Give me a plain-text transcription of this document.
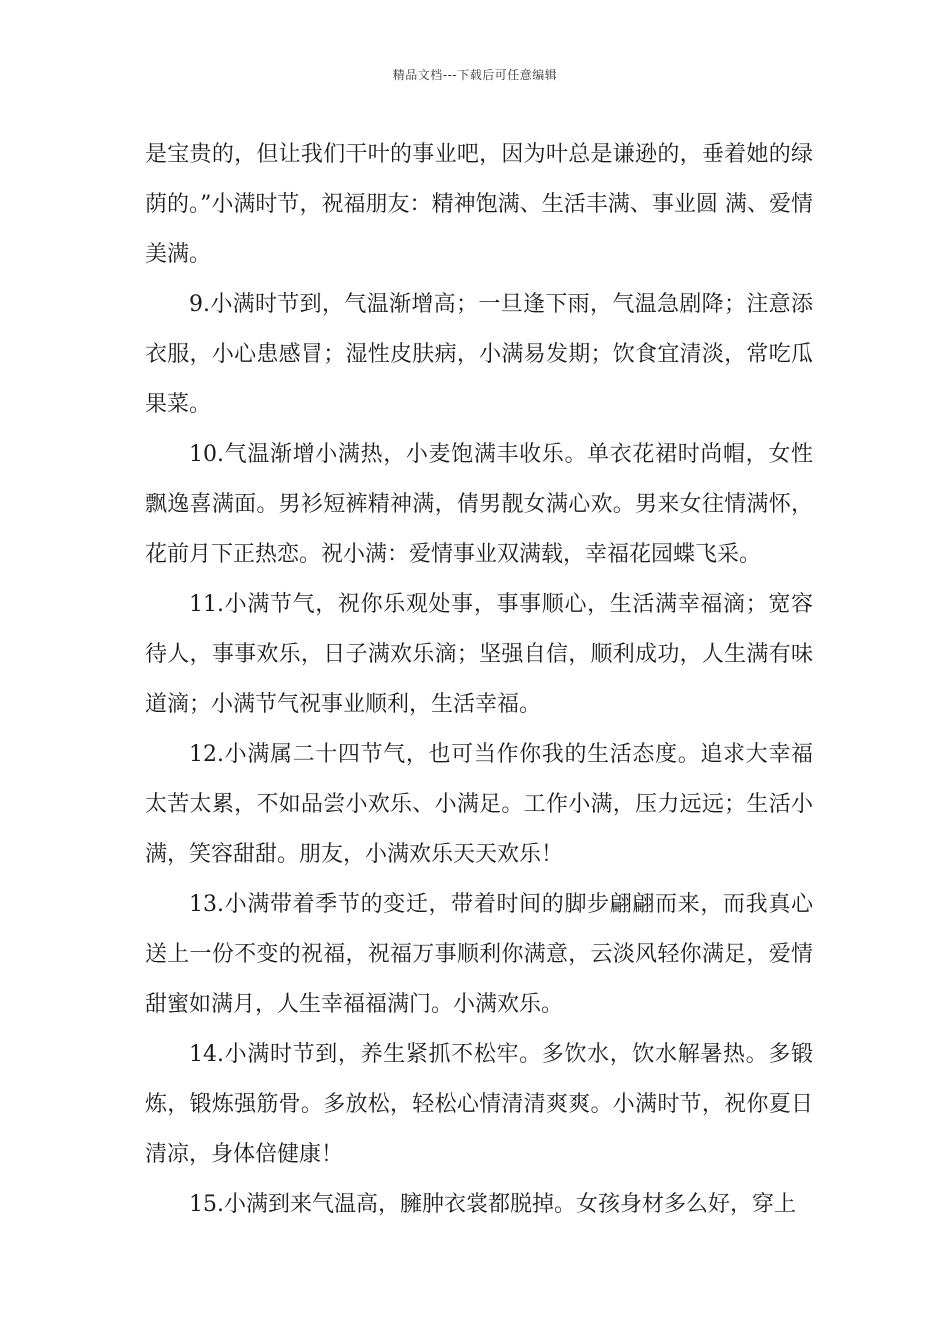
精品文档---下载后可任意编辑

是宝贵的，但让我们干叶的事业吧，因为叶总是谦逊的，垂着她的绿荫的。”小满时节，祝福朋友：精神饱满、生活丰满、事业圆 满、爱情美满。

9.小满时节到，气温渐增高；一旦逢下雨，气温急剧降；注意添衣服，小心患感冒；湿性皮肤病，小满易发期；饮食宜清淡，常吃瓜果菜。

10.气温渐增小满热，小麦饱满丰收乐。单衣花裙时尚帽，女性飘逸喜满面。男衫短裤精神满，倩男靓女满心欢。男来女往情满怀，花前月下正热恋。祝小满：爱情事业双满载，幸福花园蝶飞采。

11.小满节气，祝你乐观处事，事事顺心，生活满幸福滴；宽容待人，事事欢乐，日子满欢乐滴；坚强自信，顺利成功，人生满有味道滴；小满节气祝事业顺利，生活幸福。

12.小满属二十四节气，也可当作你我的生活态度。追求大幸福太苦太累，不如品尝小欢乐、小满足。工作小满，压力远远；生活小满，笑容甜甜。朋友，小满欢乐天天欢乐！

13.小满带着季节的变迁，带着时间的脚步翩翩而来，而我真心送上一份不变的祝福，祝福万事顺利你满意，云淡风轻你满足，爱情甜蜜如满月，人生幸福福满门。小满欢乐。

14.小满时节到，养生紧抓不松牢。多饮水，饮水解暑热。多锻炼，锻炼强筋骨。多放松，轻松心情清清爽爽。小满时节，祝你夏日清凉，身体倍健康！

15.小满到来气温高，臃肿衣裳都脱掉。女孩身材多么好，穿上
